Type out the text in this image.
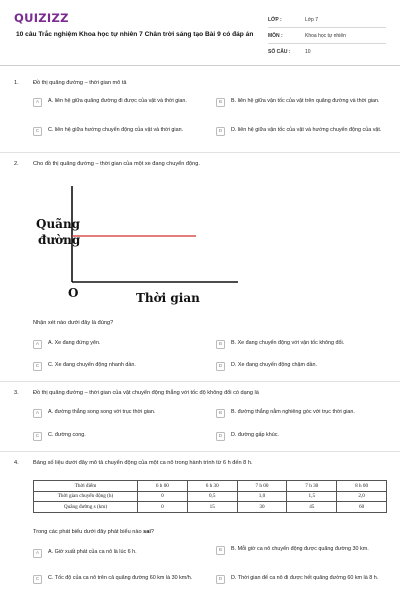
QUIZIZZ
10 câu Trắc nghiệm Khoa học tự nhiên 7 Chân trời sáng tạo Bài 9 có đáp án
LỚP :	Lớp 7
MÔN :	Khoa học tự nhiên
SỐ CÂU :	10
1.	Đồ thị quãng đường – thời gian mô tả
A	A. liên hệ giữa quãng đường đi được của vật và thời gian.	B	B. liên hệ giữa vận tốc của vật trên quãng đường và thời gian.
C	C. liên hệ giữa hướng chuyển động của vật và thời gian.	D	D. liên hệ giữa vận tốc của vật và hướng chuyển động của vật.
2.	Cho đồ thị quãng đường – thời gian của một xe đang chuyển động.
Quãng
đường
O	Thời gian
Nhận xét nào dưới đây là đúng?
A	A. Xe đang đứng yên.	B	B. Xe đang chuyển động với vận tốc không đổi.
C	C. Xe đang chuyển động nhanh dần.	D	D. Xe đang chuyển động chậm dần.
3.	Đồ thị quãng đường – thời gian của vật chuyển động thẳng với tốc độ không đổi có dạng là
A	A. đường thẳng song song với trục thời gian.	B	B. đường thẳng nằm nghiêng góc với trục thời gian.
C	C. đường cong.	D	D. đường gấp khúc.
4.	Bảng số liệu dưới đây mô tả chuyển động của một ca nô trong hành trình từ 6 h đến 8 h.
Thời điểm	6 h 00	6 h 30	7 h 00	7 h 30	8 h 00
Thời gian chuyển động (h)	0	0,5	1,0	1,5	2,0
Quãng đường s (km)	0	15	30	45	60
Trong các phát biểu dưới đây phát biểu nào sai?
A	A. Giờ xuất phát của ca nô là lúc 6 h.	B	B. Mỗi giờ ca nô chuyển động được quãng đường 30 km.
C	C. Tốc độ của ca nô trên cả quãng đường 60 km là 30 km/h.	D	D. Thời gian để ca nô đi được hết quãng đường 60 km là 8 h.
